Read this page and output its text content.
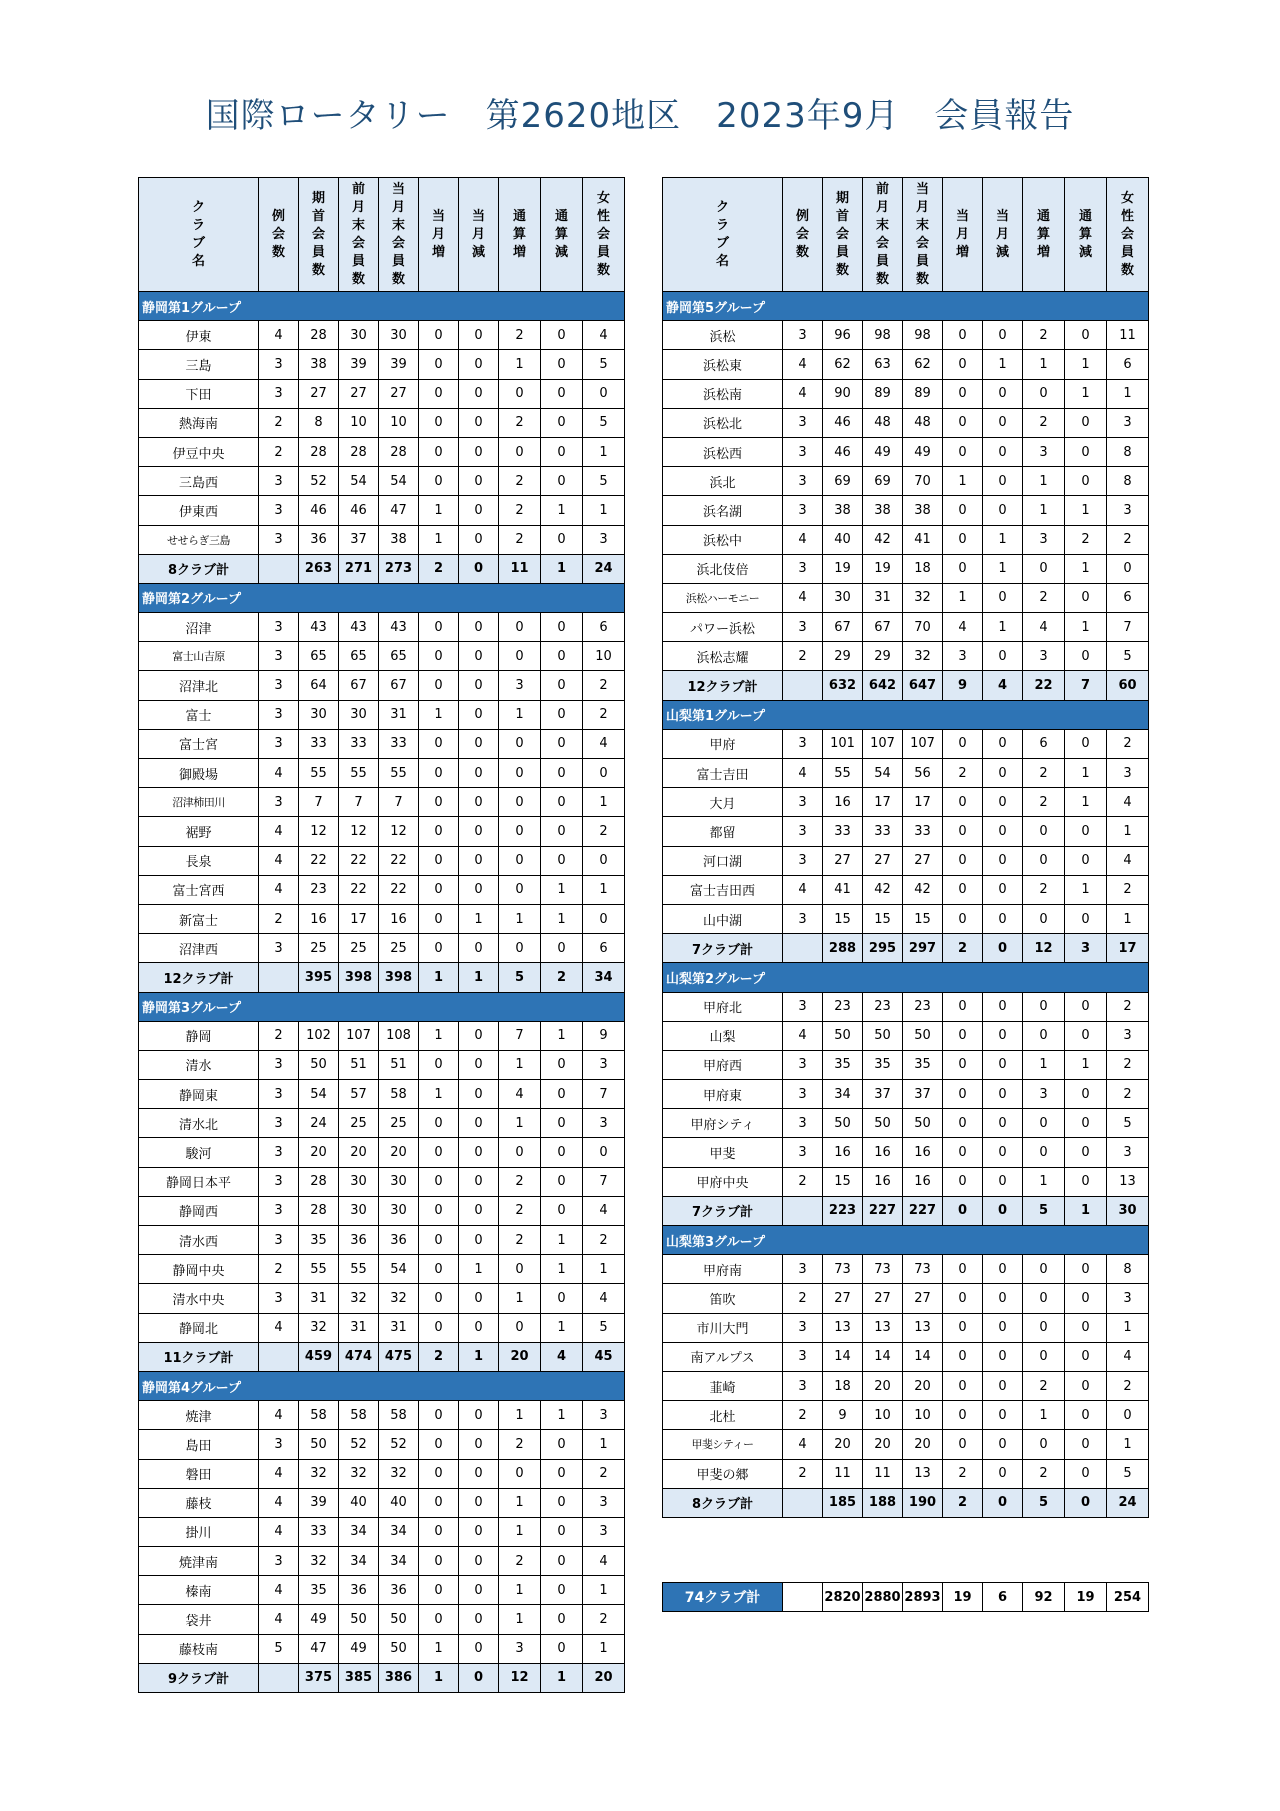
国際ロータリー　第2620地区　2023年9月　会員報告
クラブ名	例会数	期首会員数	前月末会員数	当月末会員数	当月増	当月減	通算増	通算減	女性会員数
静岡第1グループ									
伊東	4	28	30	30	0	0	2	0	4
三島	3	38	39	39	0	0	1	0	5
下田	3	27	27	27	0	0	0	0	0
熱海南	2	8	10	10	0	0	2	0	5
伊豆中央	2	28	28	28	0	0	0	0	1
三島西	3	52	54	54	0	0	2	0	5
伊東西	3	46	46	47	1	0	2	1	1
せせらぎ三島	3	36	37	38	1	0	2	0	3
8クラブ計		263	271	273	2	0	11	1	24
静岡第2グループ									
沼津	3	43	43	43	0	0	0	0	6
富士山吉原	3	65	65	65	0	0	0	0	10
沼津北	3	64	67	67	0	0	3	0	2
富士	3	30	30	31	1	0	1	0	2
富士宮	3	33	33	33	0	0	0	0	4
御殿場	4	55	55	55	0	0	0	0	0
沼津柿田川	3	7	7	7	0	0	0	0	1
裾野	4	12	12	12	0	0	0	0	2
長泉	4	22	22	22	0	0	0	0	0
富士宮西	4	23	22	22	0	0	0	1	1
新富士	2	16	17	16	0	1	1	1	0
沼津西	3	25	25	25	0	0	0	0	6
12クラブ計		395	398	398	1	1	5	2	34
静岡第3グループ									
静岡	2	102	107	108	1	0	7	1	9
清水	3	50	51	51	0	0	1	0	3
静岡東	3	54	57	58	1	0	4	0	7
清水北	3	24	25	25	0	0	1	0	3
駿河	3	20	20	20	0	0	0	0	0
静岡日本平	3	28	30	30	0	0	2	0	7
静岡西	3	28	30	30	0	0	2	0	4
清水西	3	35	36	36	0	0	2	1	2
静岡中央	2	55	55	54	0	1	0	1	1
清水中央	3	31	32	32	0	0	1	0	4
静岡北	4	32	31	31	0	0	0	1	5
11クラブ計		459	474	475	2	1	20	4	45
静岡第4グループ									
焼津	4	58	58	58	0	0	1	1	3
島田	3	50	52	52	0	0	2	0	1
磐田	4	32	32	32	0	0	0	0	2
藤枝	4	39	40	40	0	0	1	0	3
掛川	4	33	34	34	0	0	1	0	3
焼津南	3	32	34	34	0	0	2	0	4
榛南	4	35	36	36	0	0	1	0	1
袋井	4	49	50	50	0	0	1	0	2
藤枝南	5	47	49	50	1	0	3	0	1
9クラブ計		375	385	386	1	0	12	1	20
クラブ名	例会数	期首会員数	前月末会員数	当月末会員数	当月増	当月減	通算増	通算減	女性会員数
静岡第5グループ									
浜松	3	96	98	98	0	0	2	0	11
浜松東	4	62	63	62	0	1	1	1	6
浜松南	4	90	89	89	0	0	0	1	1
浜松北	3	46	48	48	0	0	2	0	3
浜松西	3	46	49	49	0	0	3	0	8
浜北	3	69	69	70	1	0	1	0	8
浜名湖	3	38	38	38	0	0	1	1	3
浜松中	4	40	42	41	0	1	3	2	2
浜北伎倍	3	19	19	18	0	1	0	1	0
浜松ハーモニー	4	30	31	32	1	0	2	0	6
パワー浜松	3	67	67	70	4	1	4	1	7
浜松志耀	2	29	29	32	3	0	3	0	5
12クラブ計		632	642	647	9	4	22	7	60
山梨第1グループ									
甲府	3	101	107	107	0	0	6	0	2
富士吉田	4	55	54	56	2	0	2	1	3
大月	3	16	17	17	0	0	2	1	4
都留	3	33	33	33	0	0	0	0	1
河口湖	3	27	27	27	0	0	0	0	4
富士吉田西	4	41	42	42	0	0	2	1	2
山中湖	3	15	15	15	0	0	0	0	1
7クラブ計		288	295	297	2	0	12	3	17
山梨第2グループ									
甲府北	3	23	23	23	0	0	0	0	2
山梨	4	50	50	50	0	0	0	0	3
甲府西	3	35	35	35	0	0	1	1	2
甲府東	3	34	37	37	0	0	3	0	2
甲府シティ	3	50	50	50	0	0	0	0	5
甲斐	3	16	16	16	0	0	0	0	3
甲府中央	2	15	16	16	0	0	1	0	13
7クラブ計		223	227	227	0	0	5	1	30
山梨第3グループ									
甲府南	3	73	73	73	0	0	0	0	8
笛吹	2	27	27	27	0	0	0	0	3
市川大門	3	13	13	13	0	0	0	0	1
南アルプス	3	14	14	14	0	0	0	0	4
韮崎	3	18	20	20	0	0	2	0	2
北杜	2	9	10	10	0	0	1	0	0
甲斐シティー	4	20	20	20	0	0	0	0	1
甲斐の郷	2	11	11	13	2	0	2	0	5
8クラブ計		185	188	190	2	0	5	0	24
74クラブ計		2820	2880	2893	19	6	92	19	254
